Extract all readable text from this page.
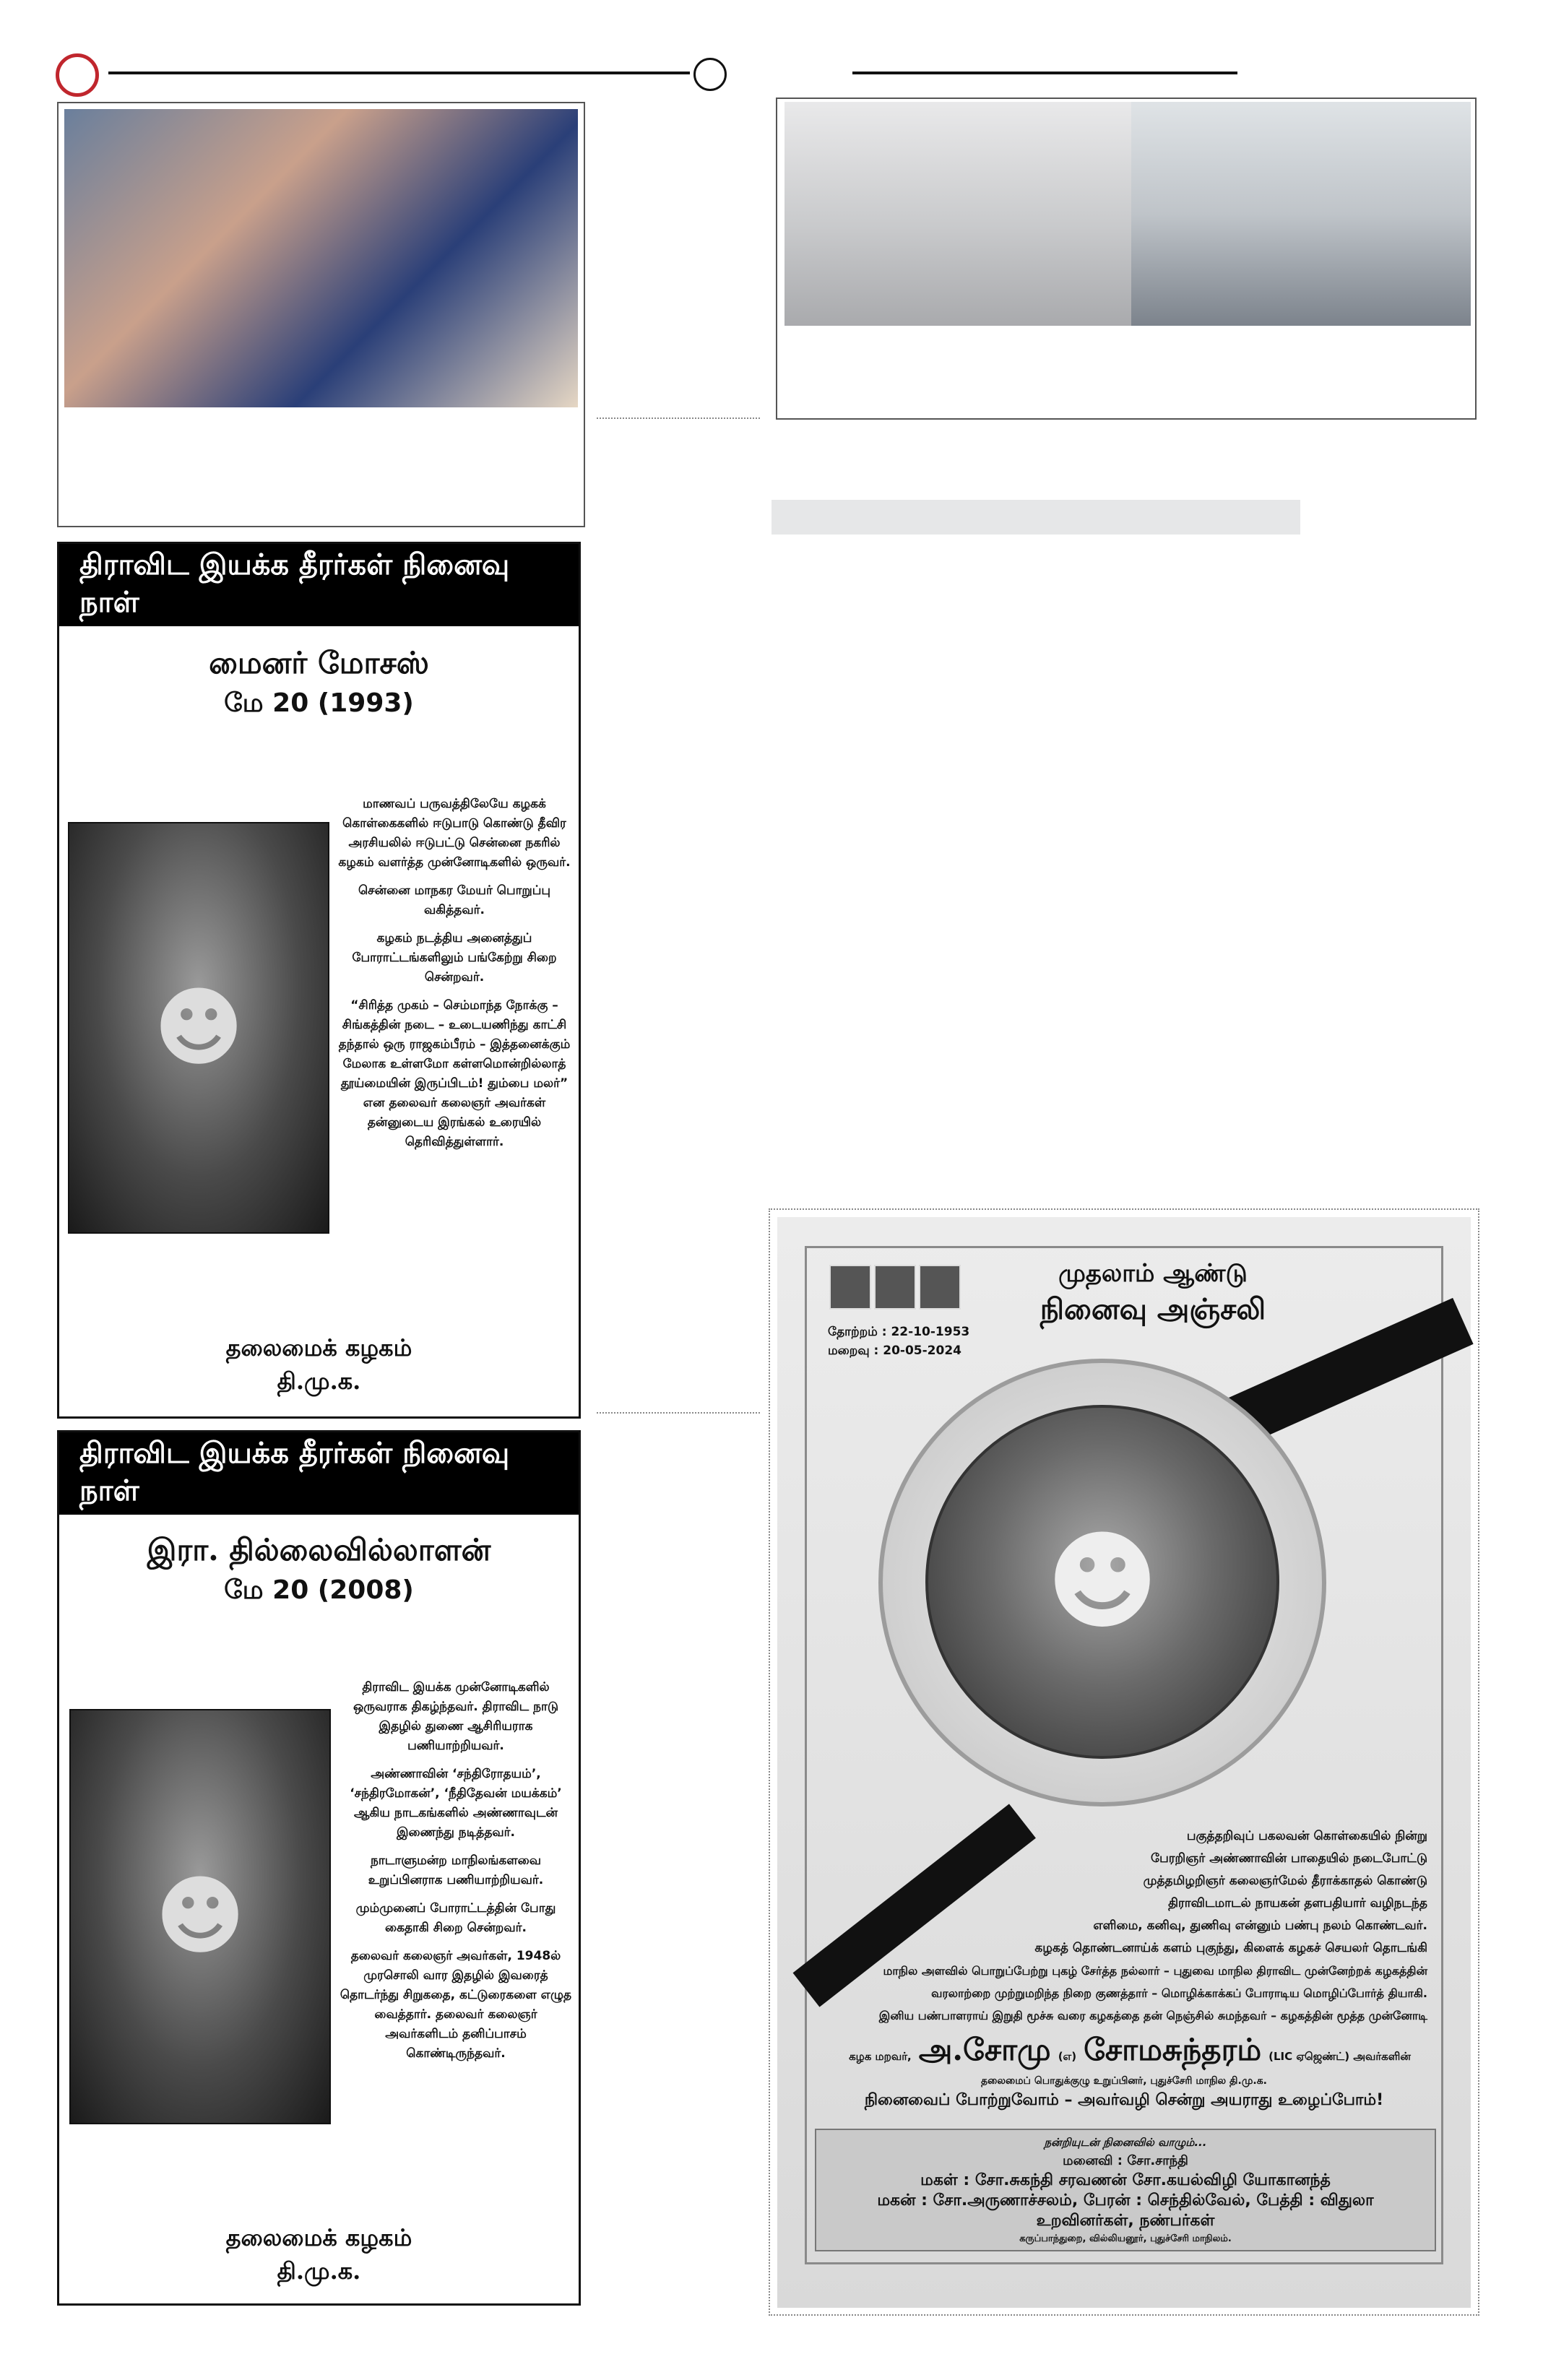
திராவிட இயக்க தீரர்கள் நினைவு நாள்
மைனர் மோசஸ்
மே 20 (1993)
☻

மாணவப் பருவத்திலேயே கழகக் கொள்கைகளில் ஈடுபாடு கொண்டு தீவிர அரசியலில் ஈடுபட்டு சென்னை நகரில் கழகம் வளர்த்த முன்னோடிகளில் ஒருவர்.

சென்னை மாநகர மேயர் பொறுப்பு வகித்தவர்.

கழகம் நடத்திய அனைத்துப் போராட்டங்களிலும் பங்கேற்று சிறை சென்றவர்.

“சிரித்த முகம் – செம்மாந்த நோக்கு – சிங்கத்தின் நடை – உடையணிந்து காட்சி தந்தால் ஒரு ராஜகம்பீரம் – இத்தனைக்கும் மேலாக உள்ளமோ கள்ளமொன்றில்லாத் தூய்மையின் இருப்பிடம்! தும்பை மலர்” என தலைவர் கலைஞர் அவர்கள் தன்னுடைய இரங்கல் உரையில் தெரிவித்துள்ளார்.

தலைமைக் கழகம்
தி.மு.க.
திராவிட இயக்க தீரர்கள் நினைவு நாள்
இரா. தில்லைவில்லாளன்
மே 20 (2008)
☻

திராவிட இயக்க முன்னோடிகளில் ஒருவராக திகழ்ந்தவர். திராவிட நாடு இதழில் துணை ஆசிரியராக பணியாற்றியவர்.

அண்ணாவின் ‘சந்திரோதயம்’, ‘சந்திரமோகன்’, ‘நீதிதேவன் மயக்கம்’ ஆகிய நாடகங்களில் அண்ணாவுடன் இணைந்து நடித்தவர்.

நாடாளுமன்ற மாநிலங்களவை உறுப்பினராக பணியாற்றியவர்.

மும்முனைப் போராட்டத்தின் போது கைதாகி சிறை சென்றவர்.

தலைவர் கலைஞர் அவர்கள், 1948ல் முரசொலி வார இதழில் இவரைத் தொடர்ந்து சிறுகதை, கட்டுரைகளை எழுத வைத்தார். தலைவர் கலைஞர் அவர்களிடம் தனிப்பாசம் கொண்டிருந்தவர்.

தலைமைக் கழகம்
தி.மு.க.
முதலாம் ஆண்டு
நினைவு அஞ்சலி
தோற்றம் : 22-10-1953
மறைவு : 20-05-2024
☻
பகுத்தறிவுப் பகலவன் கொள்கையில் நின்று
பேரறிஞர் அண்ணாவின் பாதையில் நடைபோட்டு
முத்தமிழறிஞர் கலைஞர்மேல் தீராக்காதல் கொண்டு
திராவிடமாடல் நாயகன் தளபதியார் வழிநடந்த
எளிமை, கனிவு, துணிவு என்னும் பண்பு நலம் கொண்டவர்.
கழகத் தொண்டனாய்க் களம் புகுந்து, கிளைக் கழகச் செயலர் தொடங்கி
மாநில அளவில் பொறுப்பேற்று புகழ் சேர்த்த நல்லார் – புதுவை மாநில திராவிட முன்னேற்றக் கழகத்தின்
வரலாற்றை முற்றுமறிந்த நிறை குணத்தார் – மொழிக்காக்கப் போராடிய மொழிப்போர்த் தியாகி.
இனிய பண்பாளராய் இறுதி மூச்சு வரை கழகத்தை தன் நெஞ்சில் சுமந்தவர் – கழகத்தின் மூத்த முன்னோடி
கழக மறவர், அ.சோமு (எ) சோமசுந்தரம் (LIC ஏஜெண்ட்) அவர்களின்
தலைமைப் பொதுக்குழு உறுப்பினர், புதுச்சேரி மாநில தி.மு.க.
நினைவைப் போற்றுவோம் – அவர்வழி சென்று அயராது உழைப்போம்!
நன்றியுடன் நினைவில் வாழும்...
மனைவி : சோ.சாந்தி
மகள் : சோ.சுகந்தி சரவணன் சோ.கயல்விழி யோகானந்த்
மகன் : சோ.அருணாச்சலம், பேரன் : செந்தில்வேல், பேத்தி : விதுலா
உறவினர்கள், நண்பர்கள்
கருப்பாந்துறை, வில்லியனூர், புதுச்சேரி மாநிலம்.
